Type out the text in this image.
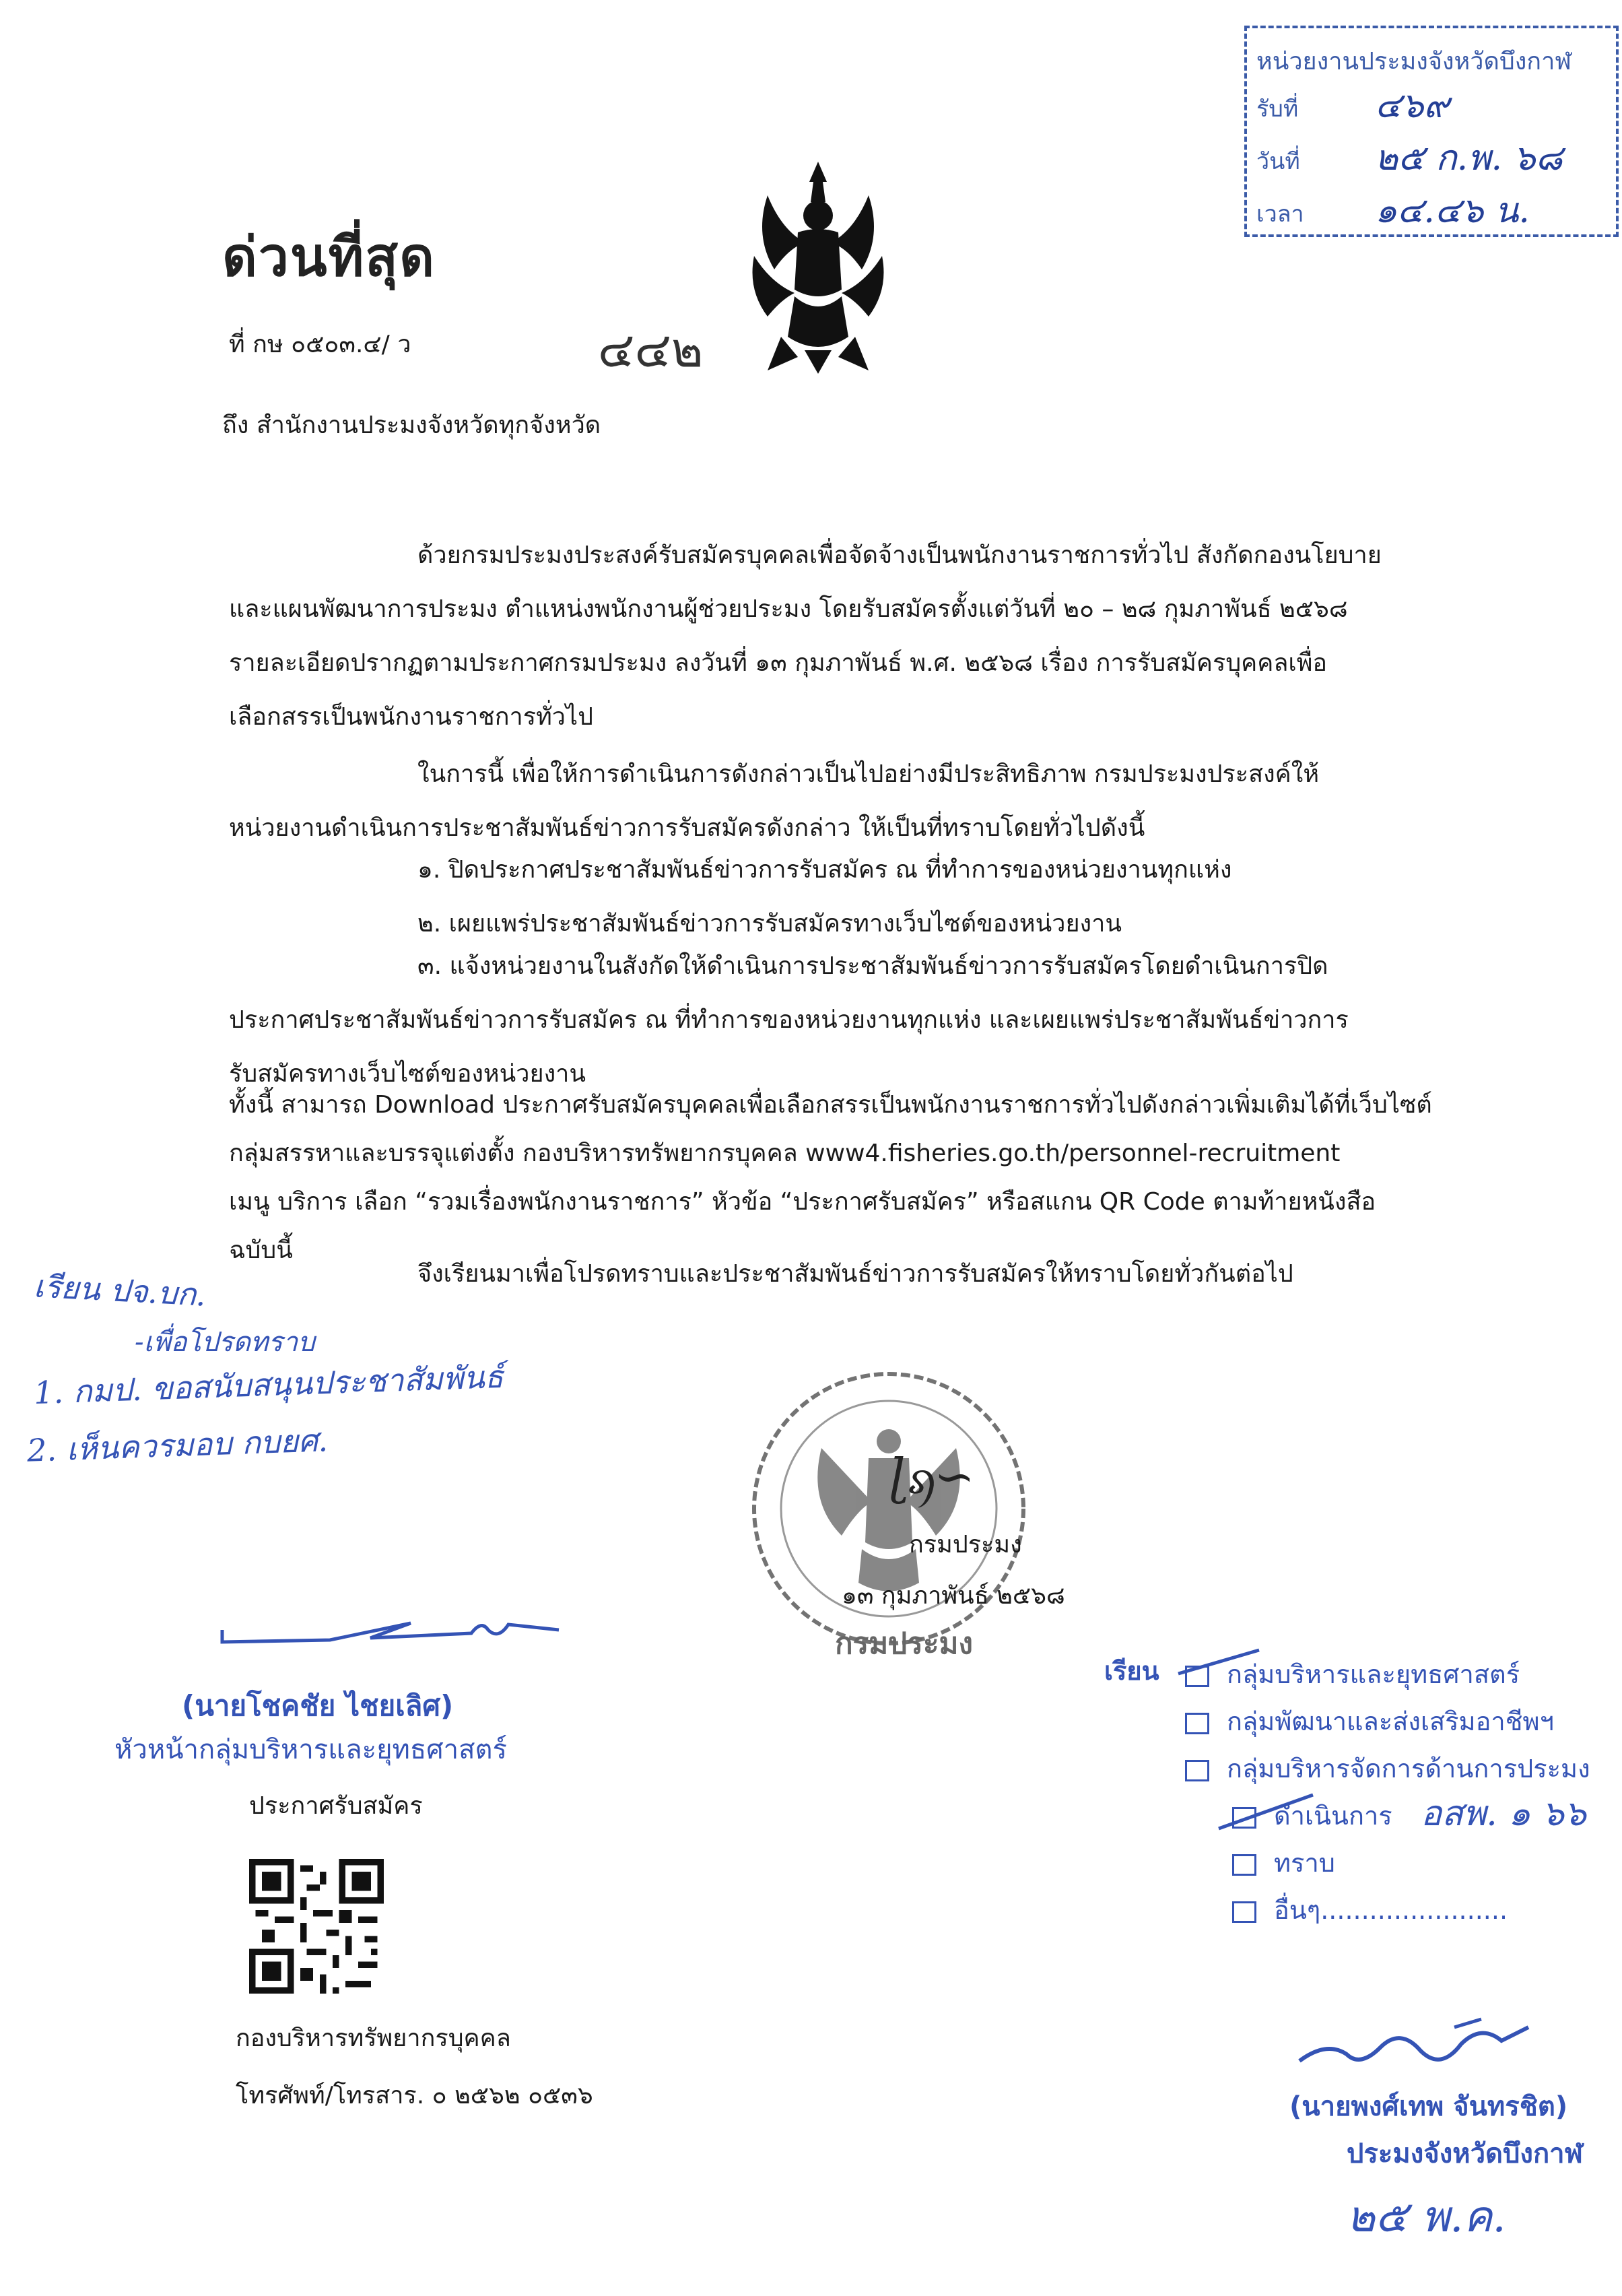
หน่วยงานประมงจังหวัดบึงกาฬ
รับที่ ๔๖๙
วันที่ ๒๕ ก.พ. ๖๘
เวลา ๑๔.๔๖ น.
ด่วนที่สุด
ที่ กษ ๐๕๐๓.๔/ ว	๔๔๒
ถึง สำนักงานประมงจังหวัดทุกจังหวัด
ด้วยกรมประมงประสงค์รับสมัครบุคคลเพื่อจัดจ้างเป็นพนักงานราชการทั่วไป สังกัดกองนโยบาย
และแผนพัฒนาการประมง ตำแหน่งพนักงานผู้ช่วยประมง โดยรับสมัครตั้งแต่วันที่ ๒๐ – ๒๘ กุมภาพันธ์ ๒๕๖๘
รายละเอียดปรากฏตามประกาศกรมประมง ลงวันที่ ๑๓ กุมภาพันธ์ พ.ศ. ๒๕๖๘ เรื่อง การรับสมัครบุคคลเพื่อ
เลือกสรรเป็นพนักงานราชการทั่วไป
ในการนี้ เพื่อให้การดำเนินการดังกล่าวเป็นไปอย่างมีประสิทธิภาพ กรมประมงประสงค์ให้
หน่วยงานดำเนินการประชาสัมพันธ์ข่าวการรับสมัครดังกล่าว ให้เป็นที่ทราบโดยทั่วไปดังนี้
๑. ปิดประกาศประชาสัมพันธ์ข่าวการรับสมัคร ณ ที่ทำการของหน่วยงานทุกแห่ง
๒. เผยแพร่ประชาสัมพันธ์ข่าวการรับสมัครทางเว็บไซต์ของหน่วยงาน
๓. แจ้งหน่วยงานในสังกัดให้ดำเนินการประชาสัมพันธ์ข่าวการรับสมัครโดยดำเนินการปิด
ประกาศประชาสัมพันธ์ข่าวการรับสมัคร ณ ที่ทำการของหน่วยงานทุกแห่ง และเผยแพร่ประชาสัมพันธ์ข่าวการ
รับสมัครทางเว็บไซต์ของหน่วยงาน
ทั้งนี้ สามารถ Download ประกาศรับสมัครบุคคลเพื่อเลือกสรรเป็นพนักงานราชการทั่วไปดังกล่าวเพิ่มเติมได้ที่เว็บไซต์
กลุ่มสรรหาและบรรจุแต่งตั้ง กองบริหารทรัพยากรบุคคล www4.fisheries.go.th/personnel-recruitment
เมนู บริการ เลือก “รวมเรื่องพนักงานราชการ” หัวข้อ “ประกาศรับสมัคร” หรือสแกน QR Code ตามท้ายหนังสือ
ฉบับนี้
จึงเรียนมาเพื่อโปรดทราบและประชาสัมพันธ์ข่าวการรับสมัครให้ทราบโดยทั่วกันต่อไป
เรียน ปจ.บก.
-เพื่อโปรดทราบ
1. กมป. ขอสนับสนุนประชาสัมพันธ์
2. เห็นควรมอบ กบยศ.
กรมประมง
ɭᦣ∽
กรมประมง
๑๓ กุมภาพันธ์ ๒๕๖๘
(นายโชคชัย ไชยเลิศ)
หัวหน้ากลุ่มบริหารและยุทธศาสตร์
ประกาศรับสมัคร
กองบริหารทรัพยากรบุคคล
โทรศัพท์/โทรสาร. ๐ ๒๕๖๒ ๐๕๓๖
เรียน	กลุ่มบริหารและยุทธศาสตร์
กลุ่มพัฒนาและส่งเสริมอาชีพฯ
กลุ่มบริหารจัดการด้านการประมง
ดำเนินการ อสพ. ๑ ๖๖
ทราบ
อื่นๆ.......................
(นายพงศ์เทพ จันทรชิต)
ประมงจังหวัดบึงกาฬ
๒๕ พ.ค.
